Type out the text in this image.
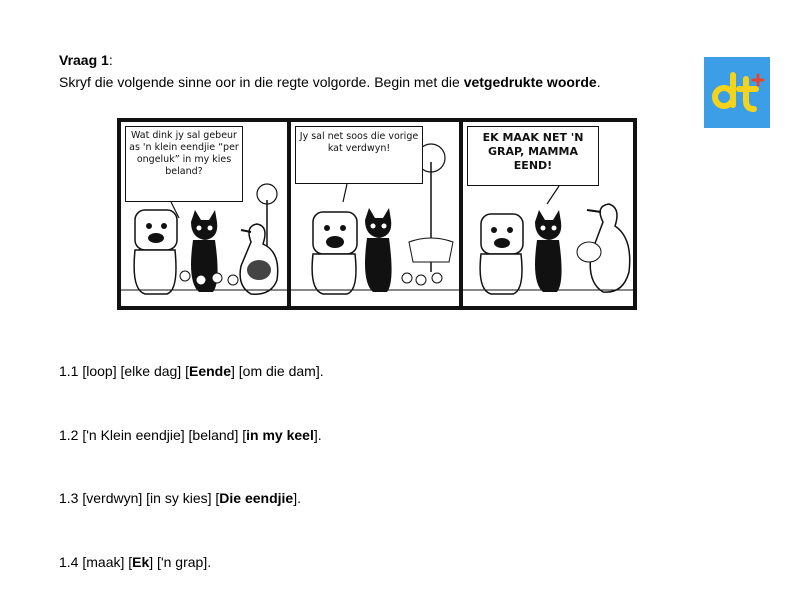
Vraag 1:
Skryf die volgende sinne oor in die regte volgorde. Begin met die vetgedrukte woorde.
Wat dink jy sal gebeur as 'n klein eendjie “per ongeluk” in my kies beland?
Jy sal net soos die vorige kat verdwyn!
EK MAAK NET 'N GRAP, MAMMA EEND!
1.1 [loop] [elke dag] [Eende] [om die dam].
1.2 ['n Klein eendjie] [beland] [in my keel].
1.3 [verdwyn] [in sy kies] [Die eendjie].
1.4 [maak] [Ek] ['n grap].
